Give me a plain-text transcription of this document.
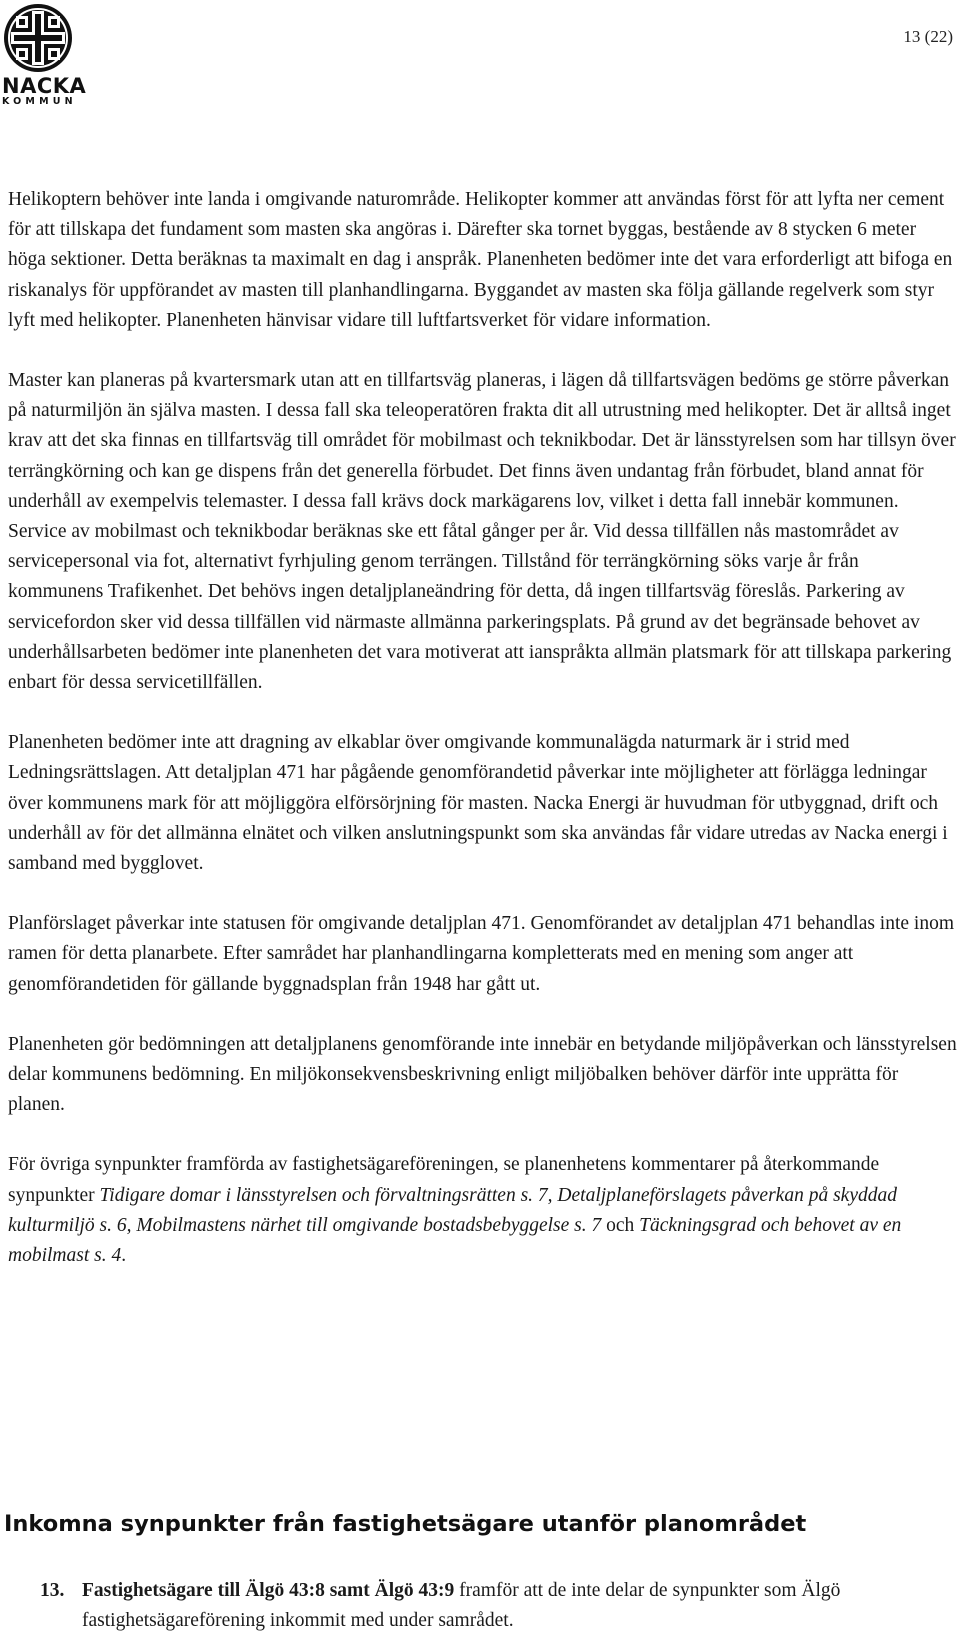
NACKA
KOMMUN
13 (22)

Helikoptern behöver inte landa i omgivande naturområde. Helikopter kommer att användas först för att lyfta ner cement för att tillskapa det fundament som masten ska angöras i. Därefter ska tornet byggas, bestående av 8 stycken 6 meter höga sektioner. Detta beräknas ta maximalt en dag i anspråk. Planenheten bedömer inte det vara erforderligt att bifoga en riskanalys för uppförandet av masten till planhandlingarna. Byggandet av masten ska följa gällande regelverk som styr lyft med helikopter. Planenheten hänvisar vidare till luftfartsverket för vidare information.

Master kan planeras på kvartersmark utan att en tillfartsväg planeras, i lägen då tillfartsvägen bedöms ge större påverkan på naturmiljön än själva masten. I dessa fall ska teleoperatören frakta dit all utrustning med helikopter. Det är alltså inget krav att det ska finnas en tillfartsväg till området för mobilmast och teknikbodar. Det är länsstyrelsen som har tillsyn över terrängkörning och kan ge dispens från det generella förbudet. Det finns även undantag från förbudet, bland annat för underhåll av exempelvis telemaster. I dessa fall krävs dock markägarens lov, vilket i detta fall innebär kommunen. Service av mobilmast och teknikbodar beräknas ske ett fåtal gånger per år. Vid dessa tillfällen nås mastområdet av servicepersonal via fot, alternativt fyrhjuling genom terrängen. Tillstånd för terrängkörning söks varje år från kommunens Trafikenhet. Det behövs ingen detaljplaneändring för detta, då ingen tillfartsväg föreslås. Parkering av servicefordon sker vid dessa tillfällen vid närmaste allmänna parkeringsplats. På grund av det begränsade behovet av underhållsarbeten bedömer inte planenheten det vara motiverat att ianspråkta allmän platsmark för att tillskapa parkering enbart för dessa servicetillfällen.

Planenheten bedömer inte att dragning av elkablar över omgivande kommunalägda naturmark är i strid med Ledningsrättslagen. Att detaljplan 471 har pågående genomförandetid påverkar inte möjligheter att förlägga ledningar över kommunens mark för att möjliggöra elförsörjning för masten. Nacka Energi är huvudman för utbyggnad, drift och underhåll av för det allmänna elnätet och vilken anslutningspunkt som ska användas får vidare utredas av Nacka energi i samband med bygglovet.

Planförslaget påverkar inte statusen för omgivande detaljplan 471. Genomförandet av detaljplan 471 behandlas inte inom ramen för detta planarbete. Efter samrådet har planhandlingarna kompletterats med en mening som anger att genomförandetiden för gällande byggnadsplan från 1948 har gått ut.

Planenheten gör bedömningen att detaljplanens genomförande inte innebär en betydande miljöpåverkan och länsstyrelsen delar kommunens bedömning. En miljökonsekvensbeskrivning enligt miljöbalken behöver därför inte upprätta för planen.

För övriga synpunkter framförda av fastighetsägareföreningen, se planenhetens kommentarer på återkommande synpunkter Tidigare domar i länsstyrelsen och förvaltningsrätten s. 7, Detaljplaneförslagets påverkan på skyddad kulturmiljö s. 6, Mobilmastens närhet till omgivande bostadsbebyggelse s. 7 och Täckningsgrad och behovet av en mobilmast s. 4.

Inkomna synpunkter från fastighetsägare utanför planområdet
13. Fastighetsägare till Älgö 43:8 samt Älgö 43:9 framför att de inte delar de synpunkter som Älgö fastighetsägareförening inkommit med under samrådet.
